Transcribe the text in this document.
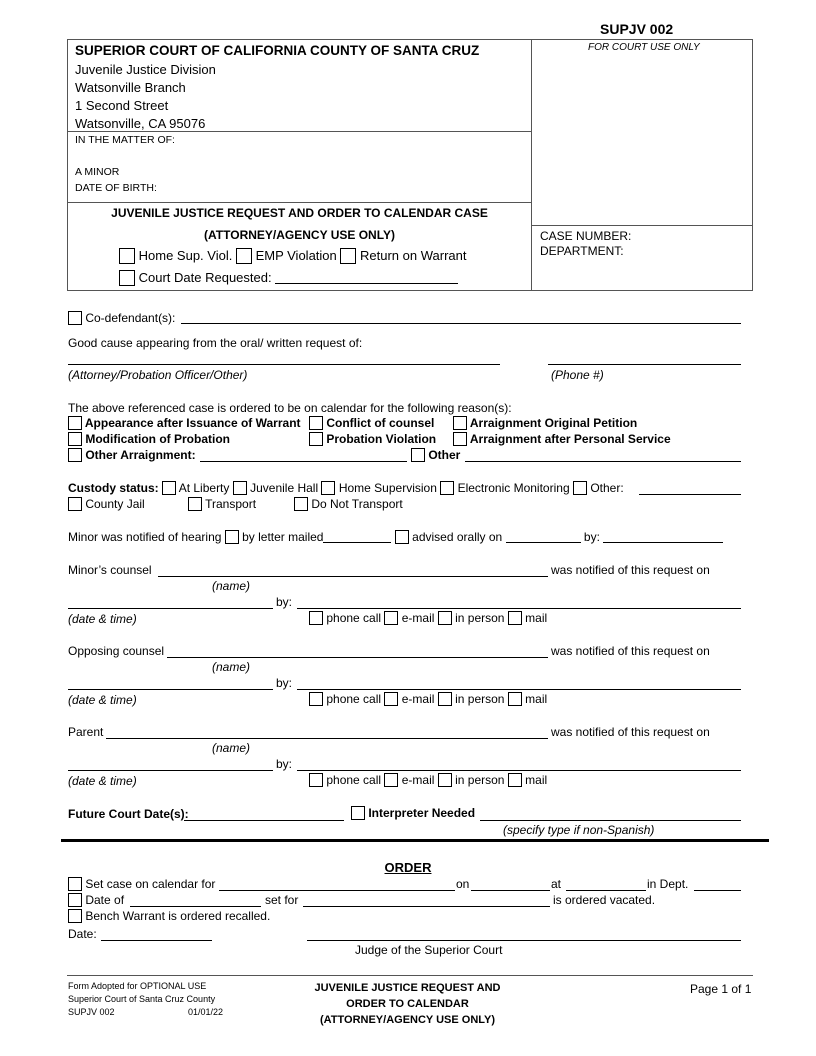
SUPJV 002
FOR COURT USE ONLY
SUPERIOR COURT OF CALIFORNIA COUNTY OF SANTA CRUZ
Juvenile Justice Division
Watsonville Branch
1 Second Street
Watsonville, CA 95076
IN THE MATTER OF:
A MINOR
DATE OF BIRTH:
JUVENILE JUSTICE REQUEST AND ORDER TO CALENDAR CASE
(ATTORNEY/AGENCY USE ONLY)
Home Sup. Viol. EMP Violation Return on Warrant
Court Date Requested:
CASE NUMBER:
DEPARTMENT:
Co-defendant(s):
Good cause appearing from the oral/ written request of:
(Attorney/Probation Officer/Other)	(Phone #)
The above referenced case is ordered to be on calendar for the following reason(s):
Appearance after Issuance of Warrant	Conflict of counsel	Arraignment Original Petition
Modification of Probation	Probation Violation	Arraignment after Personal Service
Other Arraignment:	Other
Custody status: At Liberty Juvenile Hall Home Supervision Electronic Monitoring Other:
County Jail	Transport	Do Not Transport
Minor was notified of hearing by letter mailed	advised orally on	by:
Minor’s counsel	was notified of this request on
(name)
by:
(date & time)	phone call e-mail in person mail
Opposing counsel	was notified of this request on
(name)
by:
(date & time)	phone call e-mail in person mail
Parent	was notified of this request on
(name)
by:
(date & time)	phone call e-mail in person mail
Future Court Date(s):	Interpreter Needed
(specify type if non-Spanish)
ORDER
Set case on calendar for	on	at	in Dept.
Date of	set for	is ordered vacated.
Bench Warrant is ordered recalled.
Date:
Judge of the Superior Court
Form Adopted for OPTIONAL USE
Superior Court of Santa Cruz County
SUPJV 002	01/01/22
JUVENILE JUSTICE REQUEST AND
ORDER TO CALENDAR
(ATTORNEY/AGENCY USE ONLY)
Page 1 of 1
